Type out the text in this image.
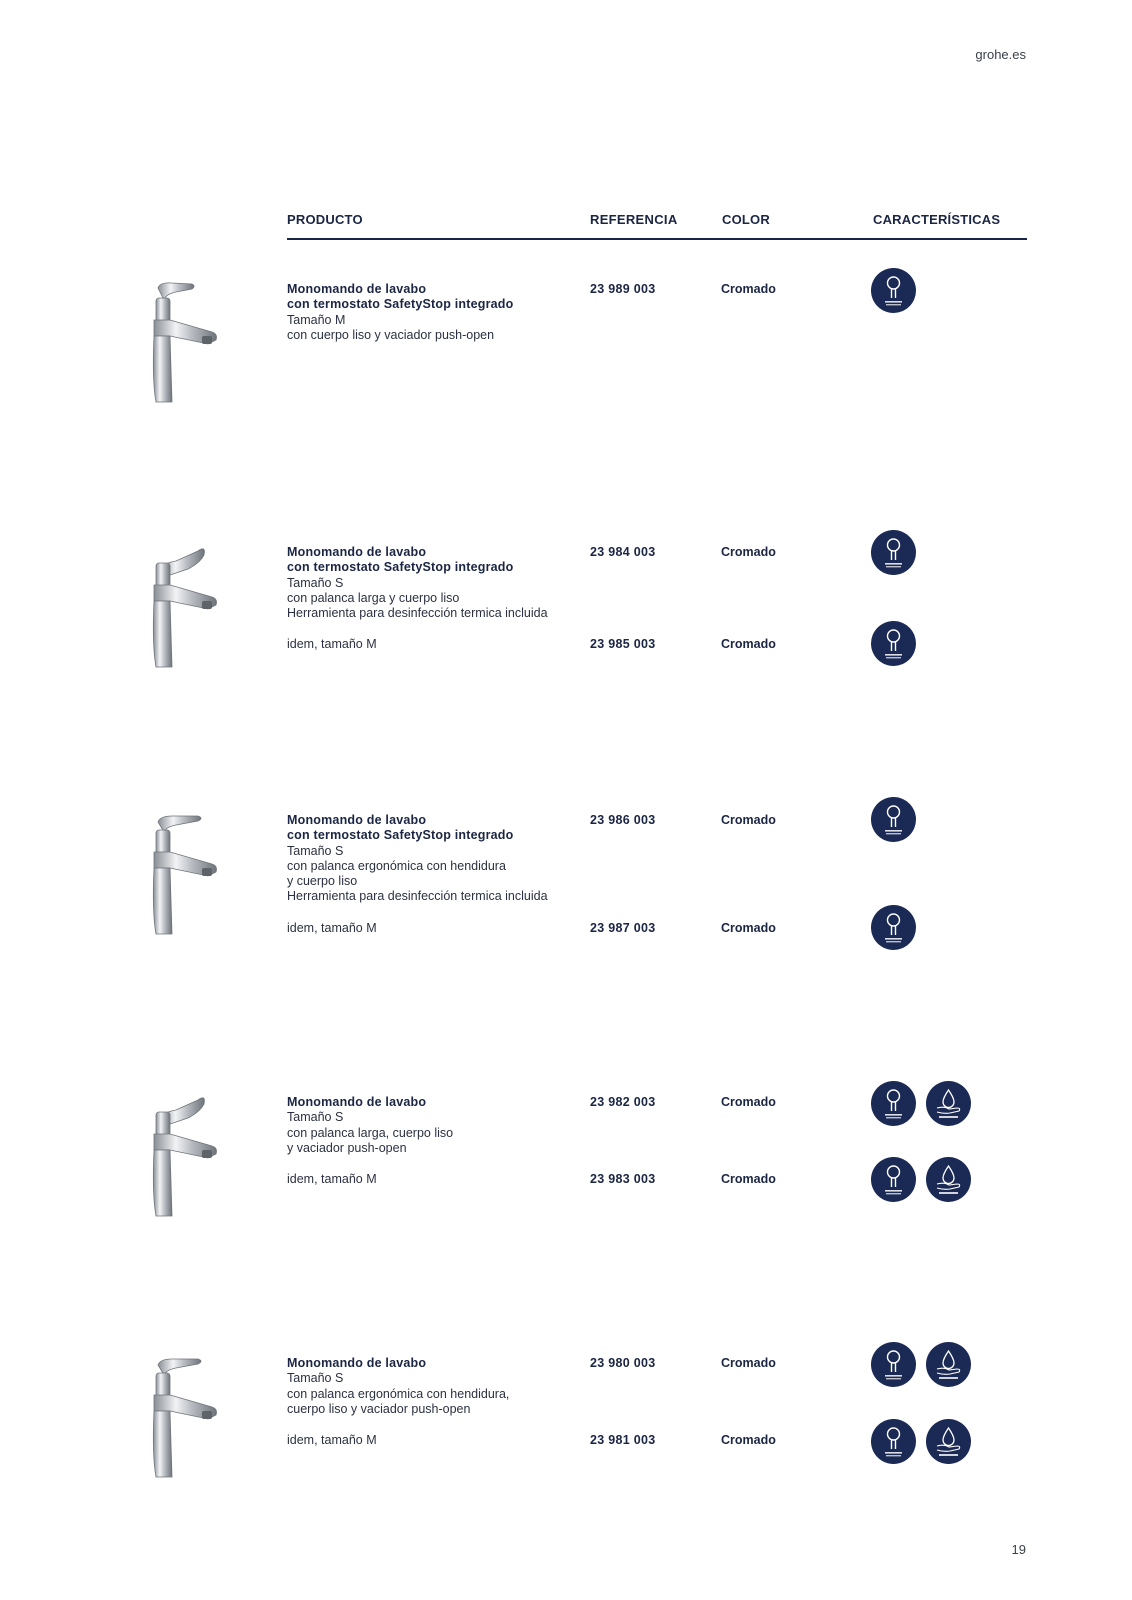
grohe.es
PRODUCTO	REFERENCIA	COLOR	CARACTERÍSTICAS
Monomando de lavabo
con termostato SafetyStop integrado
Tamaño M
con cuerpo liso y vaciador push-open
23 989 003	Cromado
Monomando de lavabo
con termostato SafetyStop integrado
Tamaño S
con palanca larga y cuerpo liso
Herramienta para desinfección termica incluida
23 984 003	Cromado
idem, tamaño M	23 985 003	Cromado
Monomando de lavabo
con termostato SafetyStop integrado
Tamaño S
con palanca ergonómica con hendidura
y cuerpo liso
Herramienta para desinfección termica incluida
23 986 003	Cromado
idem, tamaño M	23 987 003	Cromado
Monomando de lavabo
Tamaño S
con palanca larga, cuerpo liso
y vaciador push-open
23 982 003	Cromado
idem, tamaño M	23 983 003	Cromado
Monomando de lavabo
Tamaño S
con palanca ergonómica con hendidura,
cuerpo liso y vaciador push-open
23 980 003	Cromado
idem, tamaño M	23 981 003	Cromado
19
